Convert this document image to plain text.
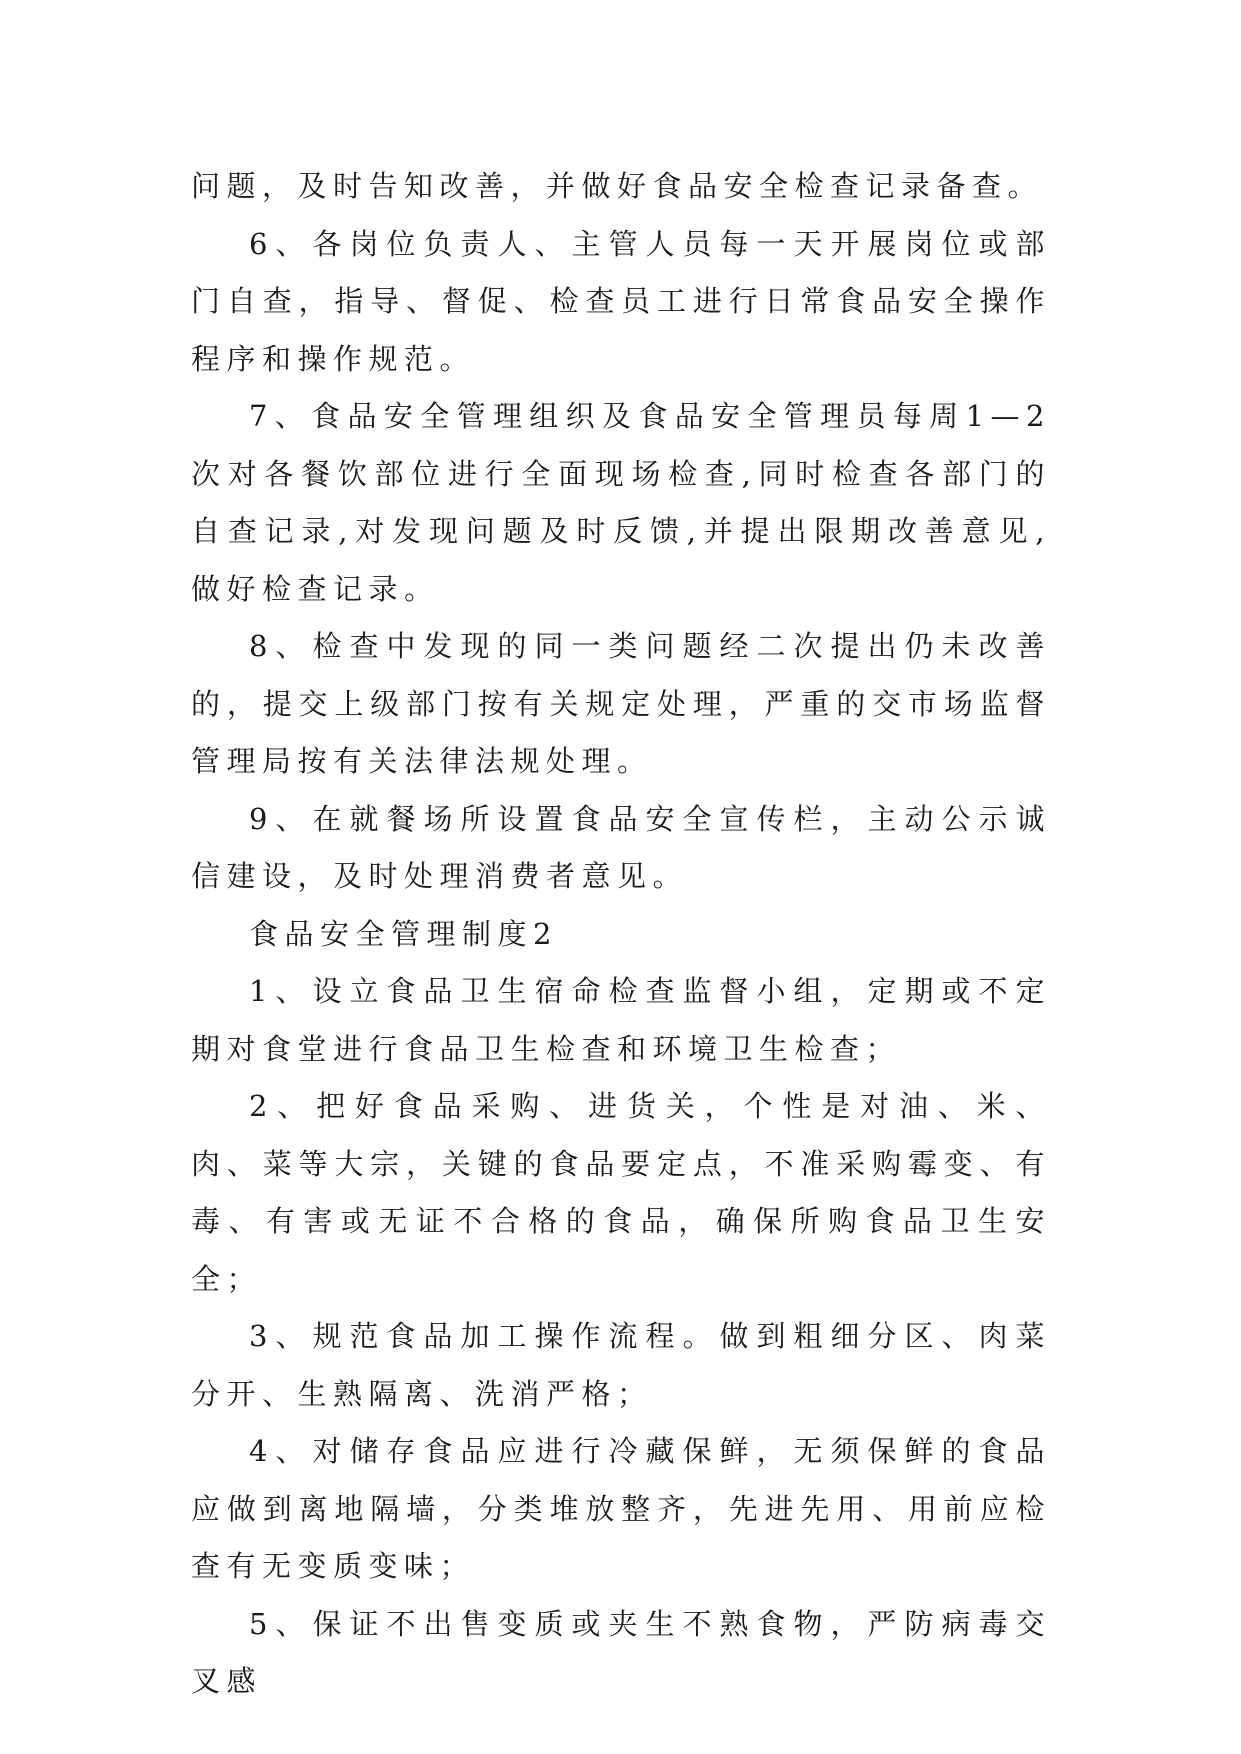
问题，及时告知改善，并做好食品安全检查记录备查。

6、各岗位负责人、主管人员每一天开展岗位或部门自查，指导、督促、检查员工进行日常食品安全操作程序和操作规范。

7、食品安全管理组织及食品安全管理员每周1—2次对各餐饮部位进行全面现场检查,同时检查各部门的自查记录,对发现问题及时反馈,并提出限期改善意见,做好检查记录。

8、检查中发现的同一类问题经二次提出仍未改善的，提交上级部门按有关规定处理，严重的交市场监督管理局按有关法律法规处理。

9、在就餐场所设置食品安全宣传栏，主动公示诚信建设，及时处理消费者意见。

食品安全管理制度2

1、设立食品卫生宿命检查监督小组，定期或不定期对食堂进行食品卫生检查和环境卫生检查；

2、把好食品采购、进货关，个性是对油、米、肉、菜等大宗，关键的食品要定点，不准采购霉变、有毒、有害或无证不合格的食品，确保所购食品卫生安全；

3、规范食品加工操作流程。做到粗细分区、肉菜分开、生熟隔离、洗消严格；

4、对储存食品应进行冷藏保鲜，无须保鲜的食品应做到离地隔墙，分类堆放整齐，先进先用、用前应检查有无变质变味；

5、保证不出售变质或夹生不熟食物，严防病毒交叉感
